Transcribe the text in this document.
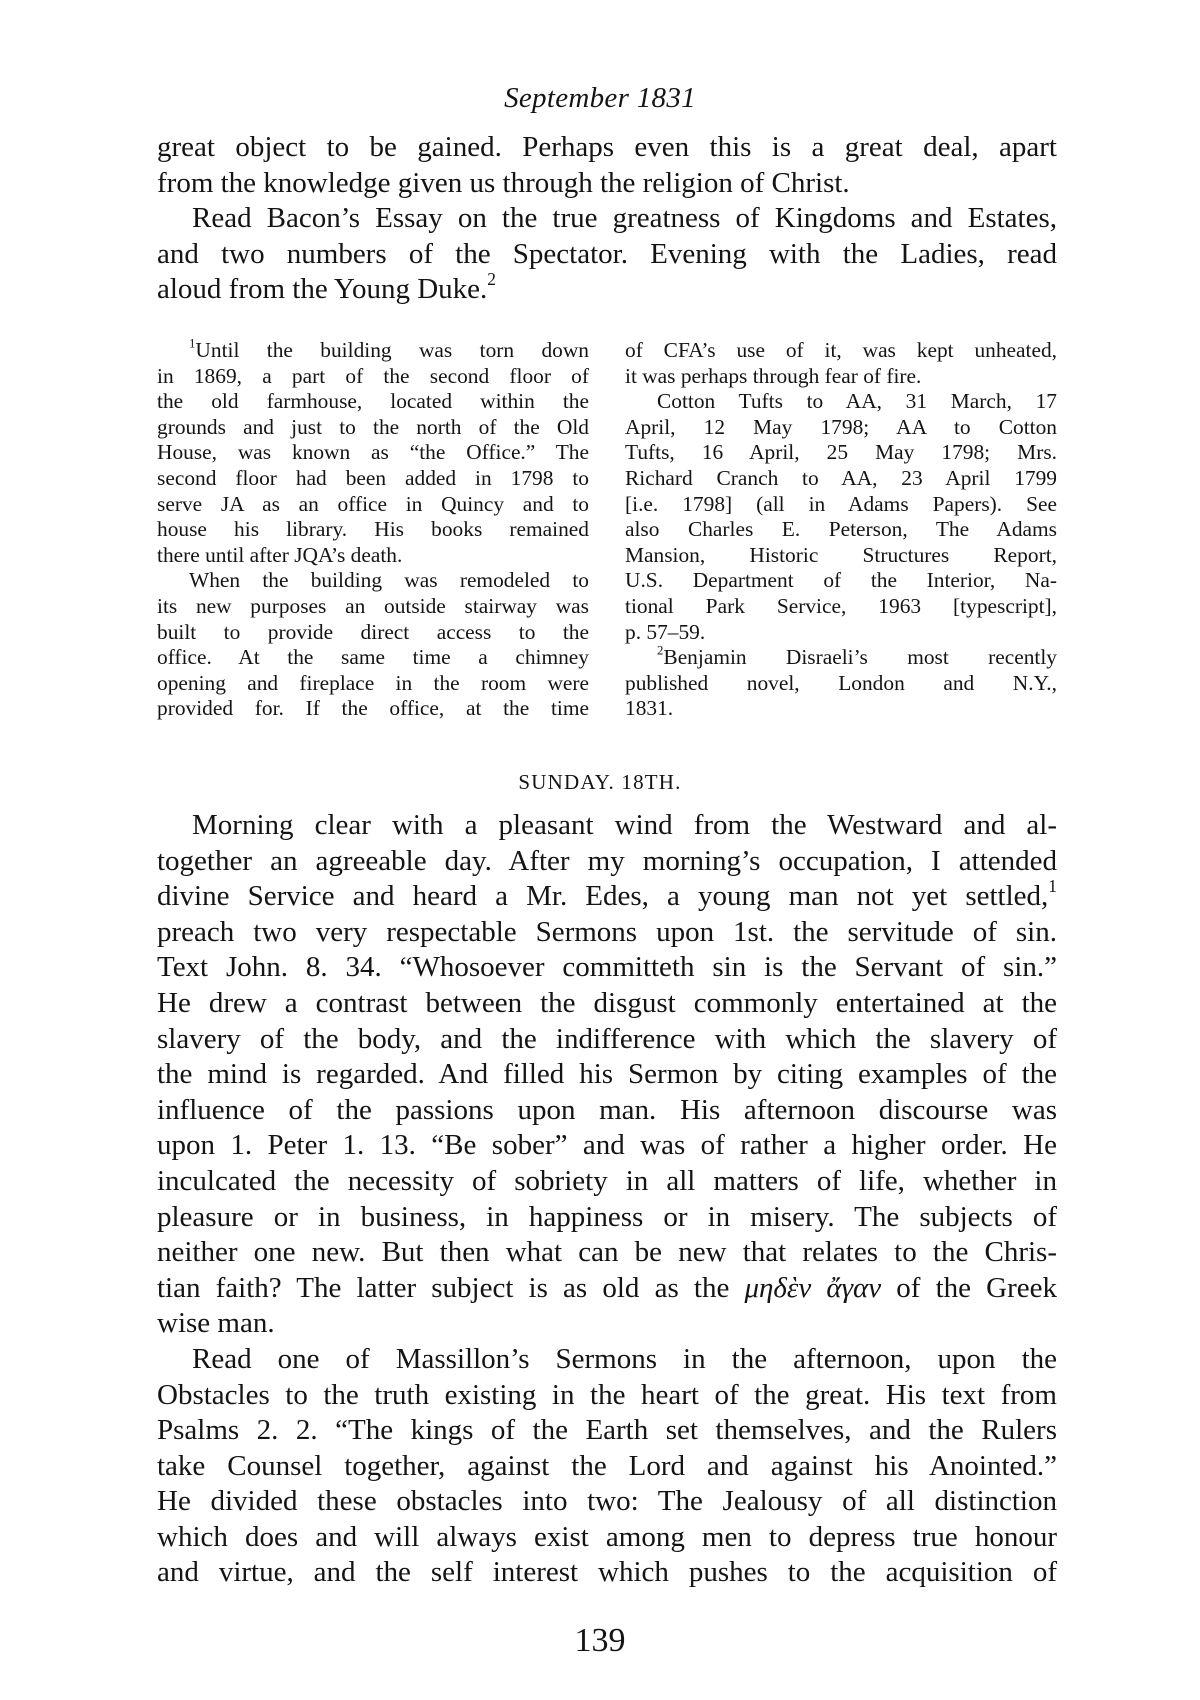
September 1831
great object to be gained. Perhaps even this is a great deal, apart
from the knowledge given us through the religion of Christ.
Read Bacon’s Essay on the true greatness of Kingdoms and Estates,
and two numbers of the Spectator. Evening with the Ladies, read
aloud from the Young Duke.$^2$
$^1$Until the building was torn down
in 1869, a part of the second floor of
the old farmhouse, located within the
grounds and just to the north of the Old
House, was known as “the Office.” The
second floor had been added in 1798 to
serve JA as an office in Quincy and to
house his library. His books remained
there until after JQA’s death.
When the building was remodeled to
its new purposes an outside stairway was
built to provide direct access to the
office. At the same time a chimney
opening and fireplace in the room were
provided for. If the office, at the time
of CFA’s use of it, was kept unheated,
it was perhaps through fear of fire.
Cotton Tufts to AA, 31 March, 17
April, 12 May 1798; AA to Cotton
Tufts, 16 April, 25 May 1798; Mrs.
Richard Cranch to AA, 23 April 1799
[i.e. 1798] (all in Adams Papers). See
also Charles E. Peterson, The Adams
Mansion, Historic Structures Report,
U.S. Department of the Interior, Na-
tional Park Service, 1963 [typescript],
p. 57–59.
$^2$Benjamin Disraeli’s most recently
published novel, London and N.Y.,
1831.
SUNDAY. 18TH.
Morning clear with a pleasant wind from the Westward and al-
together an agreeable day. After my morning’s occupation, I attended
divine Service and heard a Mr. Edes, a young man not yet settled,$^1$
preach two very respectable Sermons upon 1st. the servitude of sin.
Text John. 8. 34. “Whosoever committeth sin is the Servant of sin.”
He drew a contrast between the disgust commonly entertained at the
slavery of the body, and the indifference with which the slavery of
the mind is regarded. And filled his Sermon by citing examples of the
influence of the passions upon man. His afternoon discourse was
upon 1. Peter 1. 13. “Be sober” and was of rather a higher order. He
inculcated the necessity of sobriety in all matters of life, whether in
pleasure or in business, in happiness or in misery. The subjects of
neither one new. But then what can be new that relates to the Chris-
tian faith? The latter subject is as old as the μηδὲν ἄγαν of the Greek
wise man.
Read one of Massillon’s Sermons in the afternoon, upon the
Obstacles to the truth existing in the heart of the great. His text from
Psalms 2. 2. “The kings of the Earth set themselves, and the Rulers
take Counsel together, against the Lord and against his Anointed.”
He divided these obstacles into two: The Jealousy of all distinction
which does and will always exist among men to depress true honour
and virtue, and the self interest which pushes to the acquisition of
139
